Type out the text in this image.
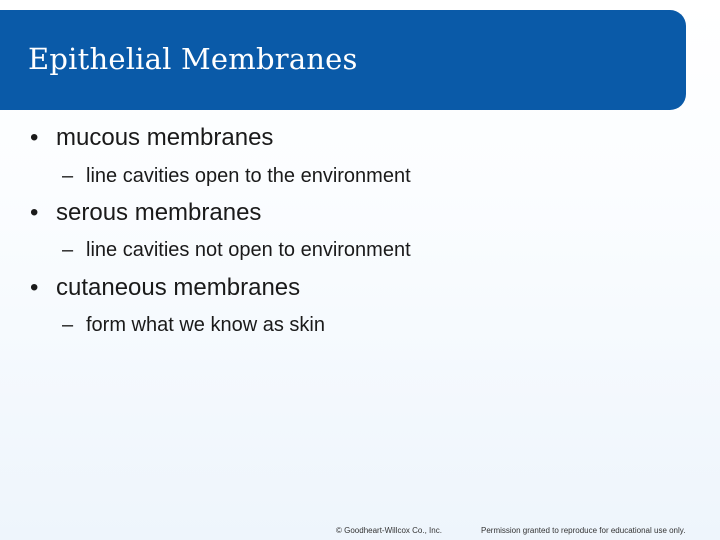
Epithelial Membranes
• mucous membranes
– line cavities open to the environment
• serous membranes
– line cavities not open to environment
• cutaneous membranes
– form what we know as skin
© Goodheart-Willcox Co., Inc.	Permission granted to reproduce for educational use only.
